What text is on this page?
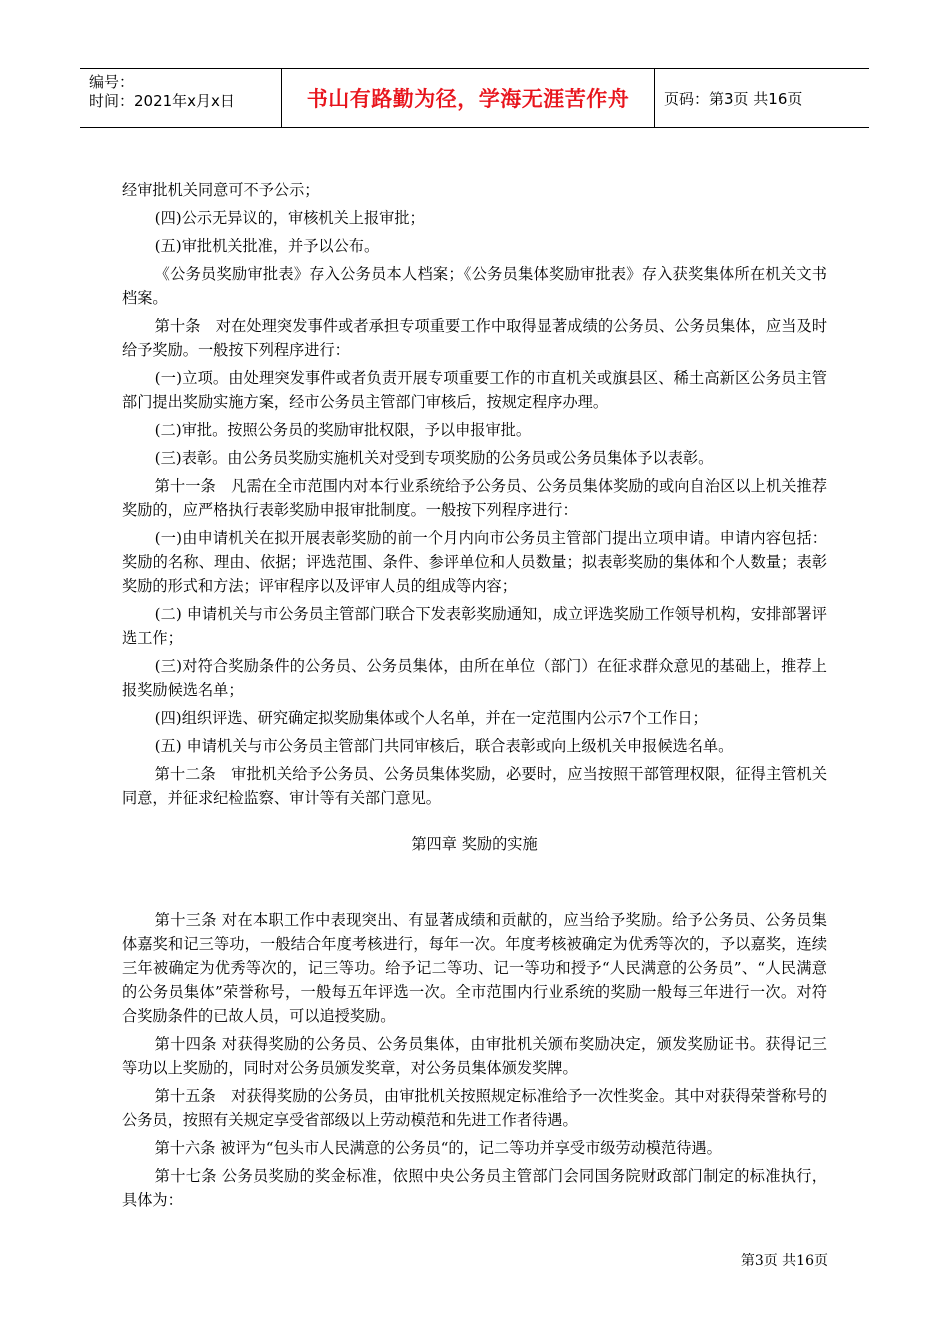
编号：
时间：2021年x月x日	书山有路勤为径，学海无涯苦作舟	页码：第3页 共16页

经审批机关同意可不予公示；

(四)公示无异议的，审核机关上报审批；

(五)审批机关批准，并予以公布。

《公务员奖励审批表》存入公务员本人档案；《公务员集体奖励审批表》存入获奖集体所在机关文书档案。

第十条　对在处理突发事件或者承担专项重要工作中取得显著成绩的公务员、公务员集体，应当及时给予奖励。一般按下列程序进行：

(一)立项。由处理突发事件或者负责开展专项重要工作的市直机关或旗县区、稀土高新区公务员主管部门提出奖励实施方案，经市公务员主管部门审核后，按规定程序办理。

(二)审批。按照公务员的奖励审批权限，予以申报审批。

(三)表彰。由公务员奖励实施机关对受到专项奖励的公务员或公务员集体予以表彰。

第十一条　凡需在全市范围内对本行业系统给予公务员、公务员集体奖励的或向自治区以上机关推荐奖励的，应严格执行表彰奖励申报审批制度。一般按下列程序进行：

(一)由申请机关在拟开展表彰奖励的前一个月内向市公务员主管部门提出立项申请。申请内容包括：奖励的名称、理由、依据；评选范围、条件、参评单位和人员数量；拟表彰奖励的集体和个人数量；表彰奖励的形式和方法；评审程序以及评审人员的组成等内容；

(二) 申请机关与市公务员主管部门联合下发表彰奖励通知，成立评选奖励工作领导机构，安排部署评选工作；

(三)对符合奖励条件的公务员、公务员集体，由所在单位（部门）在征求群众意见的基础上，推荐上报奖励候选名单；

(四)组织评选、研究确定拟奖励集体或个人名单，并在一定范围内公示7个工作日；

(五) 申请机关与市公务员主管部门共同审核后，联合表彰或向上级机关申报候选名单。

第十二条　审批机关给予公务员、公务员集体奖励，必要时，应当按照干部管理权限，征得主管机关同意，并征求纪检监察、审计等有关部门意见。

第四章 奖励的实施

第十三条 对在本职工作中表现突出、有显著成绩和贡献的，应当给予奖励。给予公务员、公务员集体嘉奖和记三等功，一般结合年度考核进行，每年一次。年度考核被确定为优秀等次的，予以嘉奖，连续三年被确定为优秀等次的，记三等功。给予记二等功、记一等功和授予“人民满意的公务员”、“人民满意的公务员集体”荣誉称号，一般每五年评选一次。全市范围内行业系统的奖励一般每三年进行一次。对符合奖励条件的已故人员，可以追授奖励。

第十四条 对获得奖励的公务员、公务员集体，由审批机关颁布奖励决定，颁发奖励证书。获得记三等功以上奖励的，同时对公务员颁发奖章，对公务员集体颁发奖牌。

第十五条　对获得奖励的公务员，由审批机关按照规定标准给予一次性奖金。其中对获得荣誉称号的公务员，按照有关规定享受省部级以上劳动模范和先进工作者待遇。

第十六条 被评为“包头市人民满意的公务员“的，记二等功并享受市级劳动模范待遇。

第十七条 公务员奖励的奖金标准，依照中央公务员主管部门会同国务院财政部门制定的标准执行，具体为：

第3页 共16页
